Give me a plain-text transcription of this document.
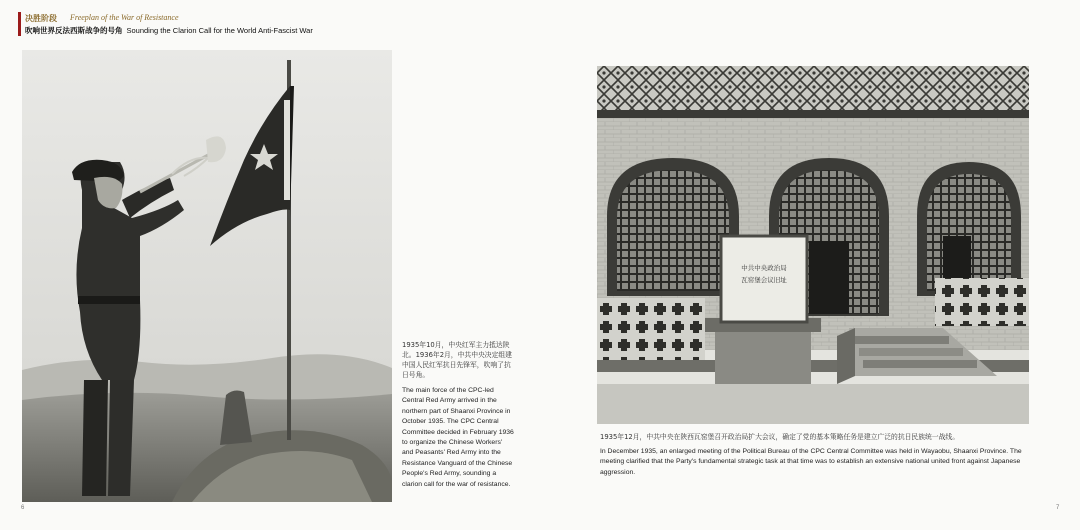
决胜阶段 Freeplan of the War of Resistance
吹响世界反法西斯战争的号角 Sounding the Clarion Call for the World Anti-Fascist War
1935年10月，中央红军主力抵达陕北。1936年2月，中共中央决定组建中国人民红军抗日先锋军，吹响了抗日号角。
The main force of the CPC-led Central Red Army arrived in the northern part of Shaanxi Province in October 1935. The CPC Central Committee decided in February 1936 to organize the Chinese Workers' and Peasants' Red Army into the Resistance Vanguard of the Chinese People's Red Army, sounding a clarion call for the war of resistance.
中共中央政治局
瓦窑堡会议旧址
1935年12月，中共中央在陕西瓦窑堡召开政治局扩大会议，确定了党的基本策略任务是建立广泛的抗日民族统一战线。
In December 1935, an enlarged meeting of the Political Bureau of the CPC Central Committee was held in Wayaobu, Shaanxi Province. The meeting clarified that the Party's fundamental strategic task at that time was to establish an extensive national united front against Japanese aggression.
6	7
